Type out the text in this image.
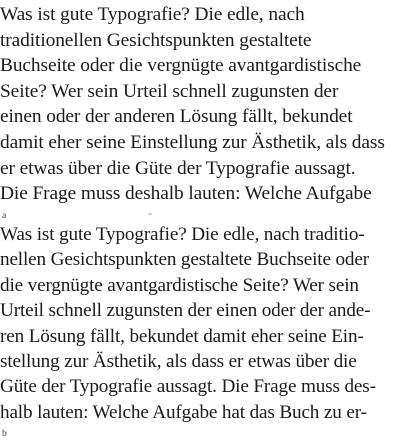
Was ist gute Typografie? Die edle, nach
traditionellen Gesichtspunkten gestaltete
Buchseite oder die vergnügte avantgardistische
Seite? Wer sein Urteil schnell zugunsten der
einen oder der anderen Lösung fällt, bekundet
damit eher seine Einstellung zur Ästhetik, als dass
er etwas über die Güte der Typografie aussagt.
Die Frage muss deshalb lauten: Welche Aufgabe
a
Was ist gute Typografie? Die edle, nach traditio-
nellen Gesichtspunkten gestaltete Buchseite oder
die vergnügte avantgardistische Seite? Wer sein
Urteil schnell zugunsten der einen oder der ande-
ren Lösung fällt, bekundet damit eher seine Ein-
stellung zur Ästhetik, als dass er etwas über die
Güte der Typografie aussagt. Die Frage muss des-
halb lauten: Welche Aufgabe hat das Buch zu er-
b
